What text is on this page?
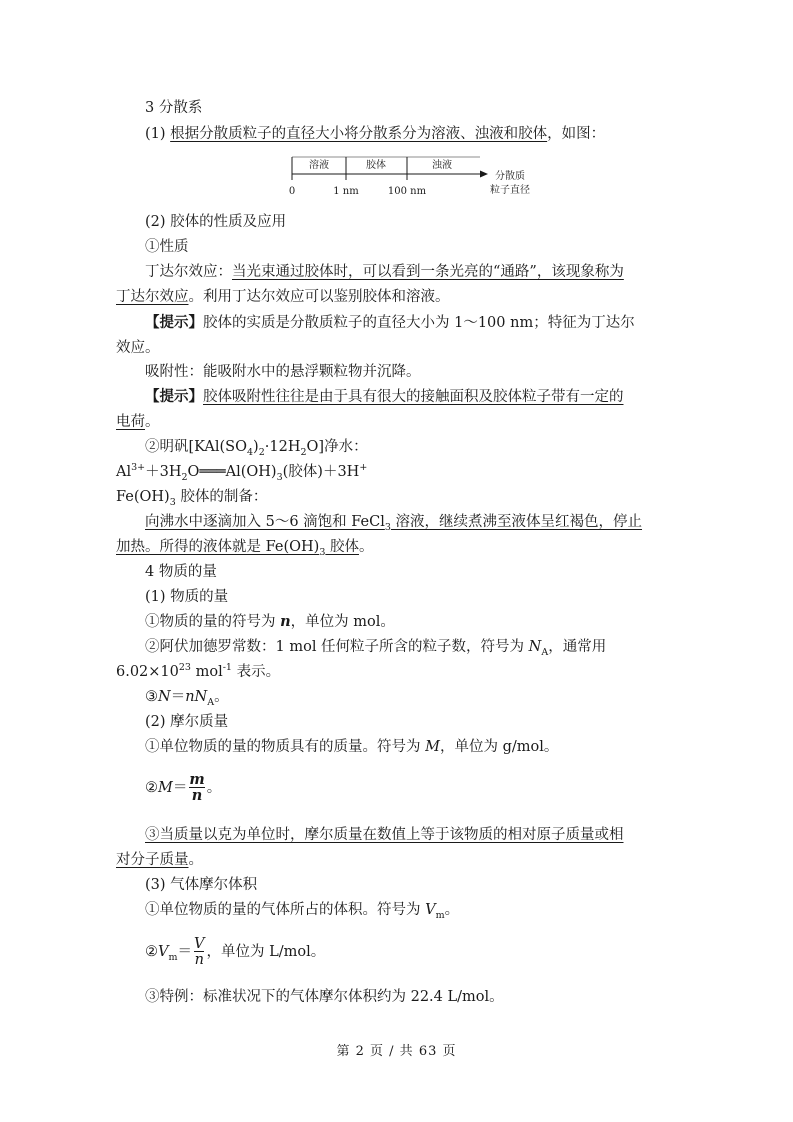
3 分散系
(1) 根据分散质粒子的直径大小将分散系分为溶液、浊液和胶体，如图：
溶液	胶体	浊液
0	1 nm	100 nm
分散质
粒子直径
(2) 胶体的性质及应用
①性质
丁达尔效应：当光束通过胶体时，可以看到一条光亮的“通路”，该现象称为
丁达尔效应。利用丁达尔效应可以鉴别胶体和溶液。
【提示】胶体的实质是分散质粒子的直径大小为 1～100 nm；特征为丁达尔
效应。
吸附性：能吸附水中的悬浮颗粒物并沉降。
【提示】胶体吸附性往往是由于具有很大的接触面积及胶体粒子带有一定的
电荷。
②明矾$[KAl(SO_4)_2\cdot 12H_2O]$净水：
$Al^{3+}+3H_2O═══Al(OH)_3$(胶体)＋3H+
$Fe(OH)_3$ 胶体的制备：
向沸水中逐滴加入 5～6 滴饱和 FeCl$_3$ 溶液，继续煮沸至液体呈红褐色，停止
加热。所得的液体就是 $Fe(OH)_3$ 胶体。
4 物质的量
(1) 物质的量
①物质的量的符号为 n，单位为 mol。
②阿伏加德罗常数：1 mol 任何粒子所含的粒子数，符号为 $N_A$，通常用
$6.02\times 10^{23}$ mol$^{-1}$ 表示。
$③N=nN_A$。
(2) 摩尔质量
①单位物质的量的物质具有的质量。符号为 M，单位为 g/mol。
②M＝ $\frac{m}{n}$ 。
③当质量以克为单位时，摩尔质量在数值上等于该物质的相对原子质量或相
对分子质量。
(3) 气体摩尔体积
①单位物质的量的气体所占的体积。符号为 $V_m$。
$②V_m= \frac{V}{n}$ ，单位为 L/mol。
③特例：标准状况下的气体摩尔体积约为 22.4 L/mol。
第 2 页 / 共 63 页
